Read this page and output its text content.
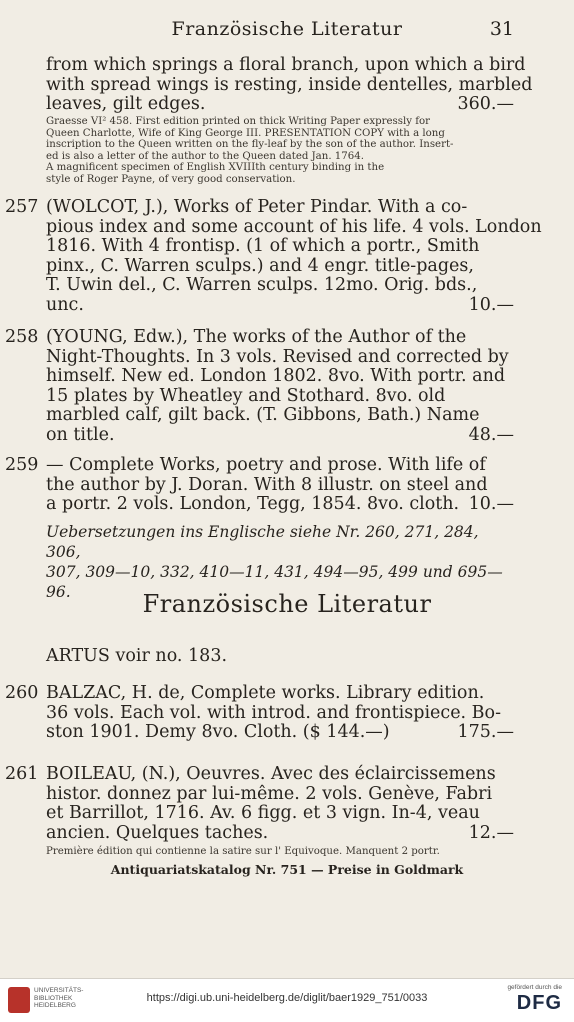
Französische Literatur	31
from which springs a floral branch, upon which a bird
with spread wings is resting, inside dentelles, marbled
leaves, gilt edges.	360.—
Graesse VI² 458. First edition printed on thick Writing Paper expressly for
Queen Charlotte, Wife of King George III. PRESENTATION COPY with a long
inscription to the Queen written on the fly-leaf by the son of the author. Insert-
ed is also a letter of the author to the Queen dated Jan. 1764.
A magnificent specimen of English XVIIIth century binding in the
style of Roger Payne, of very good conservation.
257 (WOLCOT, J.), Works of Peter Pindar. With a co-
pious index and some account of his life. 4 vols. London
1816. With 4 frontisp. (1 of which a portr., Smith
pinx., C. Warren sculps.) and 4 engr. title-pages,
T. Uwin del., C. Warren sculps. 12mo. Orig. bds.,
unc.	10.—
258 (YOUNG, Edw.), The works of the Author of the
Night-Thoughts. In 3 vols. Revised and corrected by
himself. New ed. London 1802. 8vo. With portr. and
15 plates by Wheatley and Stothard. 8vo. old
marbled calf, gilt back. (T. Gibbons, Bath.) Name
on title.	48.—
259 — Complete Works, poetry and prose. With life of
the author by J. Doran. With 8 illustr. on steel and
a portr. 2 vols. London, Tegg, 1854. 8vo. cloth. 10.—
Uebersetzungen ins Englische siehe Nr. 260, 271, 284, 306,
307, 309—10, 332, 410—11, 431, 494—95, 499 und 695—96.	Französische Literatur
ARTUS voir no. 183.
260 BALZAC, H. de, Complete works. Library edition.
36 vols. Each vol. with introd. and frontispiece. Bo-
ston 1901. Demy 8vo. Cloth. ($ 144.—)	175.—
261 BOILEAU, (N.), Oeuvres. Avec des éclaircissemens
histor. donnez par lui-même. 2 vols. Genève, Fabri
et Barrillot, 1716. Av. 6 figg. et 3 vign. In-4, veau
ancien. Quelques taches.	12.—
Première édition qui contienne la satire sur l' Equivoque. Manquent 2 portr.
Antiquariatskatalog Nr. 751 — Preise in Goldmark
UNIVERSITÄTS-
BIBLIOTHEK
HEIDELBERG
https://digi.ub.uni-heidelberg.de/diglit/baer1929_751/0033
gefördert durch die
DFG
